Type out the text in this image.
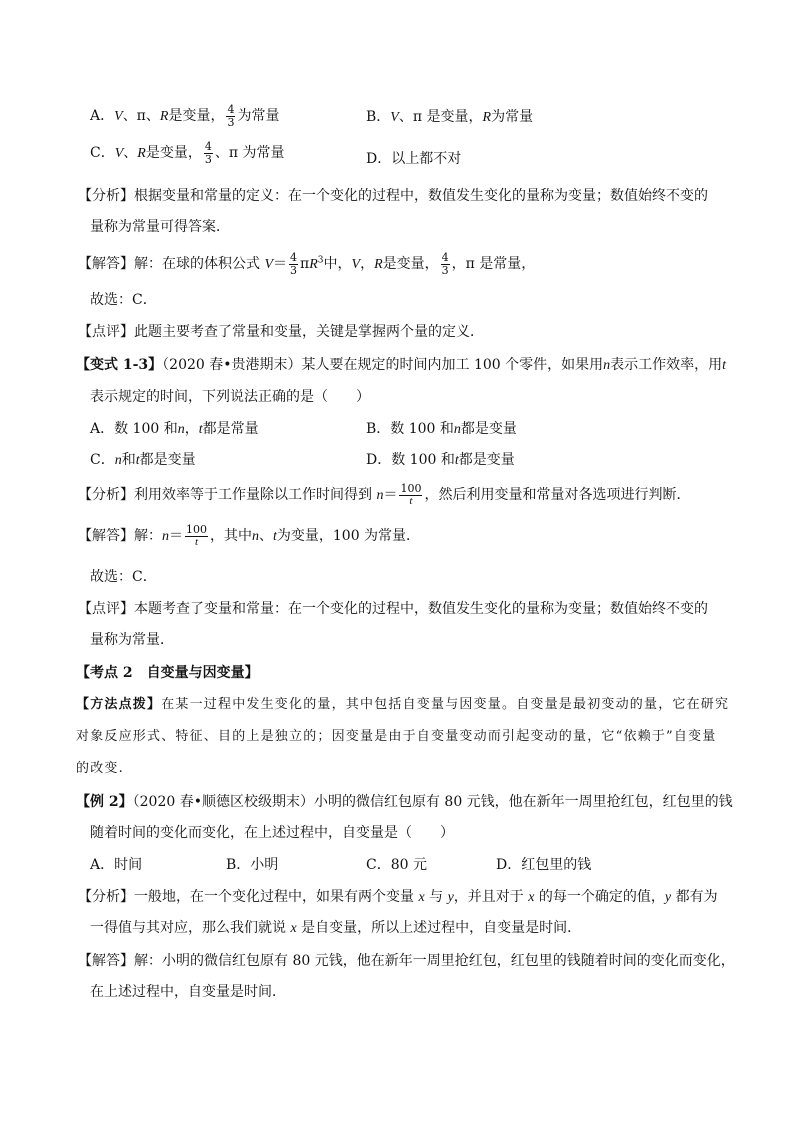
A．V、π、R是变量， $\frac{4}{3}$ 为常量	B．V、π 是变量，R为常量
C．V、R是变量， $\frac{4}{3}$ 、π 为常量	D．以上都不对
【分析】根据变量和常量的定义：在一个变化的过程中，数值发生变化的量称为变量；数值始终不变的
量称为常量可得答案．
【解答】解：在球的体积公式 $V= \frac{4}{3} \pi R^3$中，V，R是变量， $\frac{4}{3}$ ，π 是常量，
故选：C．
【点评】此题主要考查了常量和变量，关键是掌握两个量的定义．
【变式 1-3】（2020 春•贵港期末）某人要在规定的时间内加工 100 个零件，如果用n表示工作效率，用t
表示规定的时间，下列说法正确的是（　　）
A．数 100 和n，t都是常量	B．数 100 和n都是变量
C．n和t都是变量	D．数 100 和t都是变量
【分析】利用效率等于工作量除以工作时间得到 $n= \frac{100}{t}$ ，然后利用变量和常量对各选项进行判断．
【解答】解：$n= \frac{100}{t}$ ，其中n、t为变量，100 为常量．
故选：C．
【点评】本题考查了变量和常量：在一个变化的过程中，数值发生变化的量称为变量；数值始终不变的
量称为常量．
【考点 2　自变量与因变量】
【方法点拨】在某一过程中发生变化的量，其中包括自变量与因变量。自变量是最初变动的量，它在研究
对象反应形式、特征、目的上是独立的；因变量是由于自变量变动而引起变动的量，它“依赖于”自变量
的改变.
【例 2】（2020 春•顺德区校级期末）小明的微信红包原有 80 元钱，他在新年一周里抢红包，红包里的钱
随着时间的变化而变化，在上述过程中，自变量是（　　）
A．时间	B．小明	C．80 元	D．红包里的钱
【分析】一般地，在一个变化过程中，如果有两个变量 x 与 y，并且对于 x 的每一个确定的值，y 都有为
一得值与其对应，那么我们就说 x 是自变量，所以上述过程中，自变量是时间．
【解答】解：小明的微信红包原有 80 元钱，他在新年一周里抢红包，红包里的钱随着时间的变化而变化，
在上述过程中，自变量是时间．
